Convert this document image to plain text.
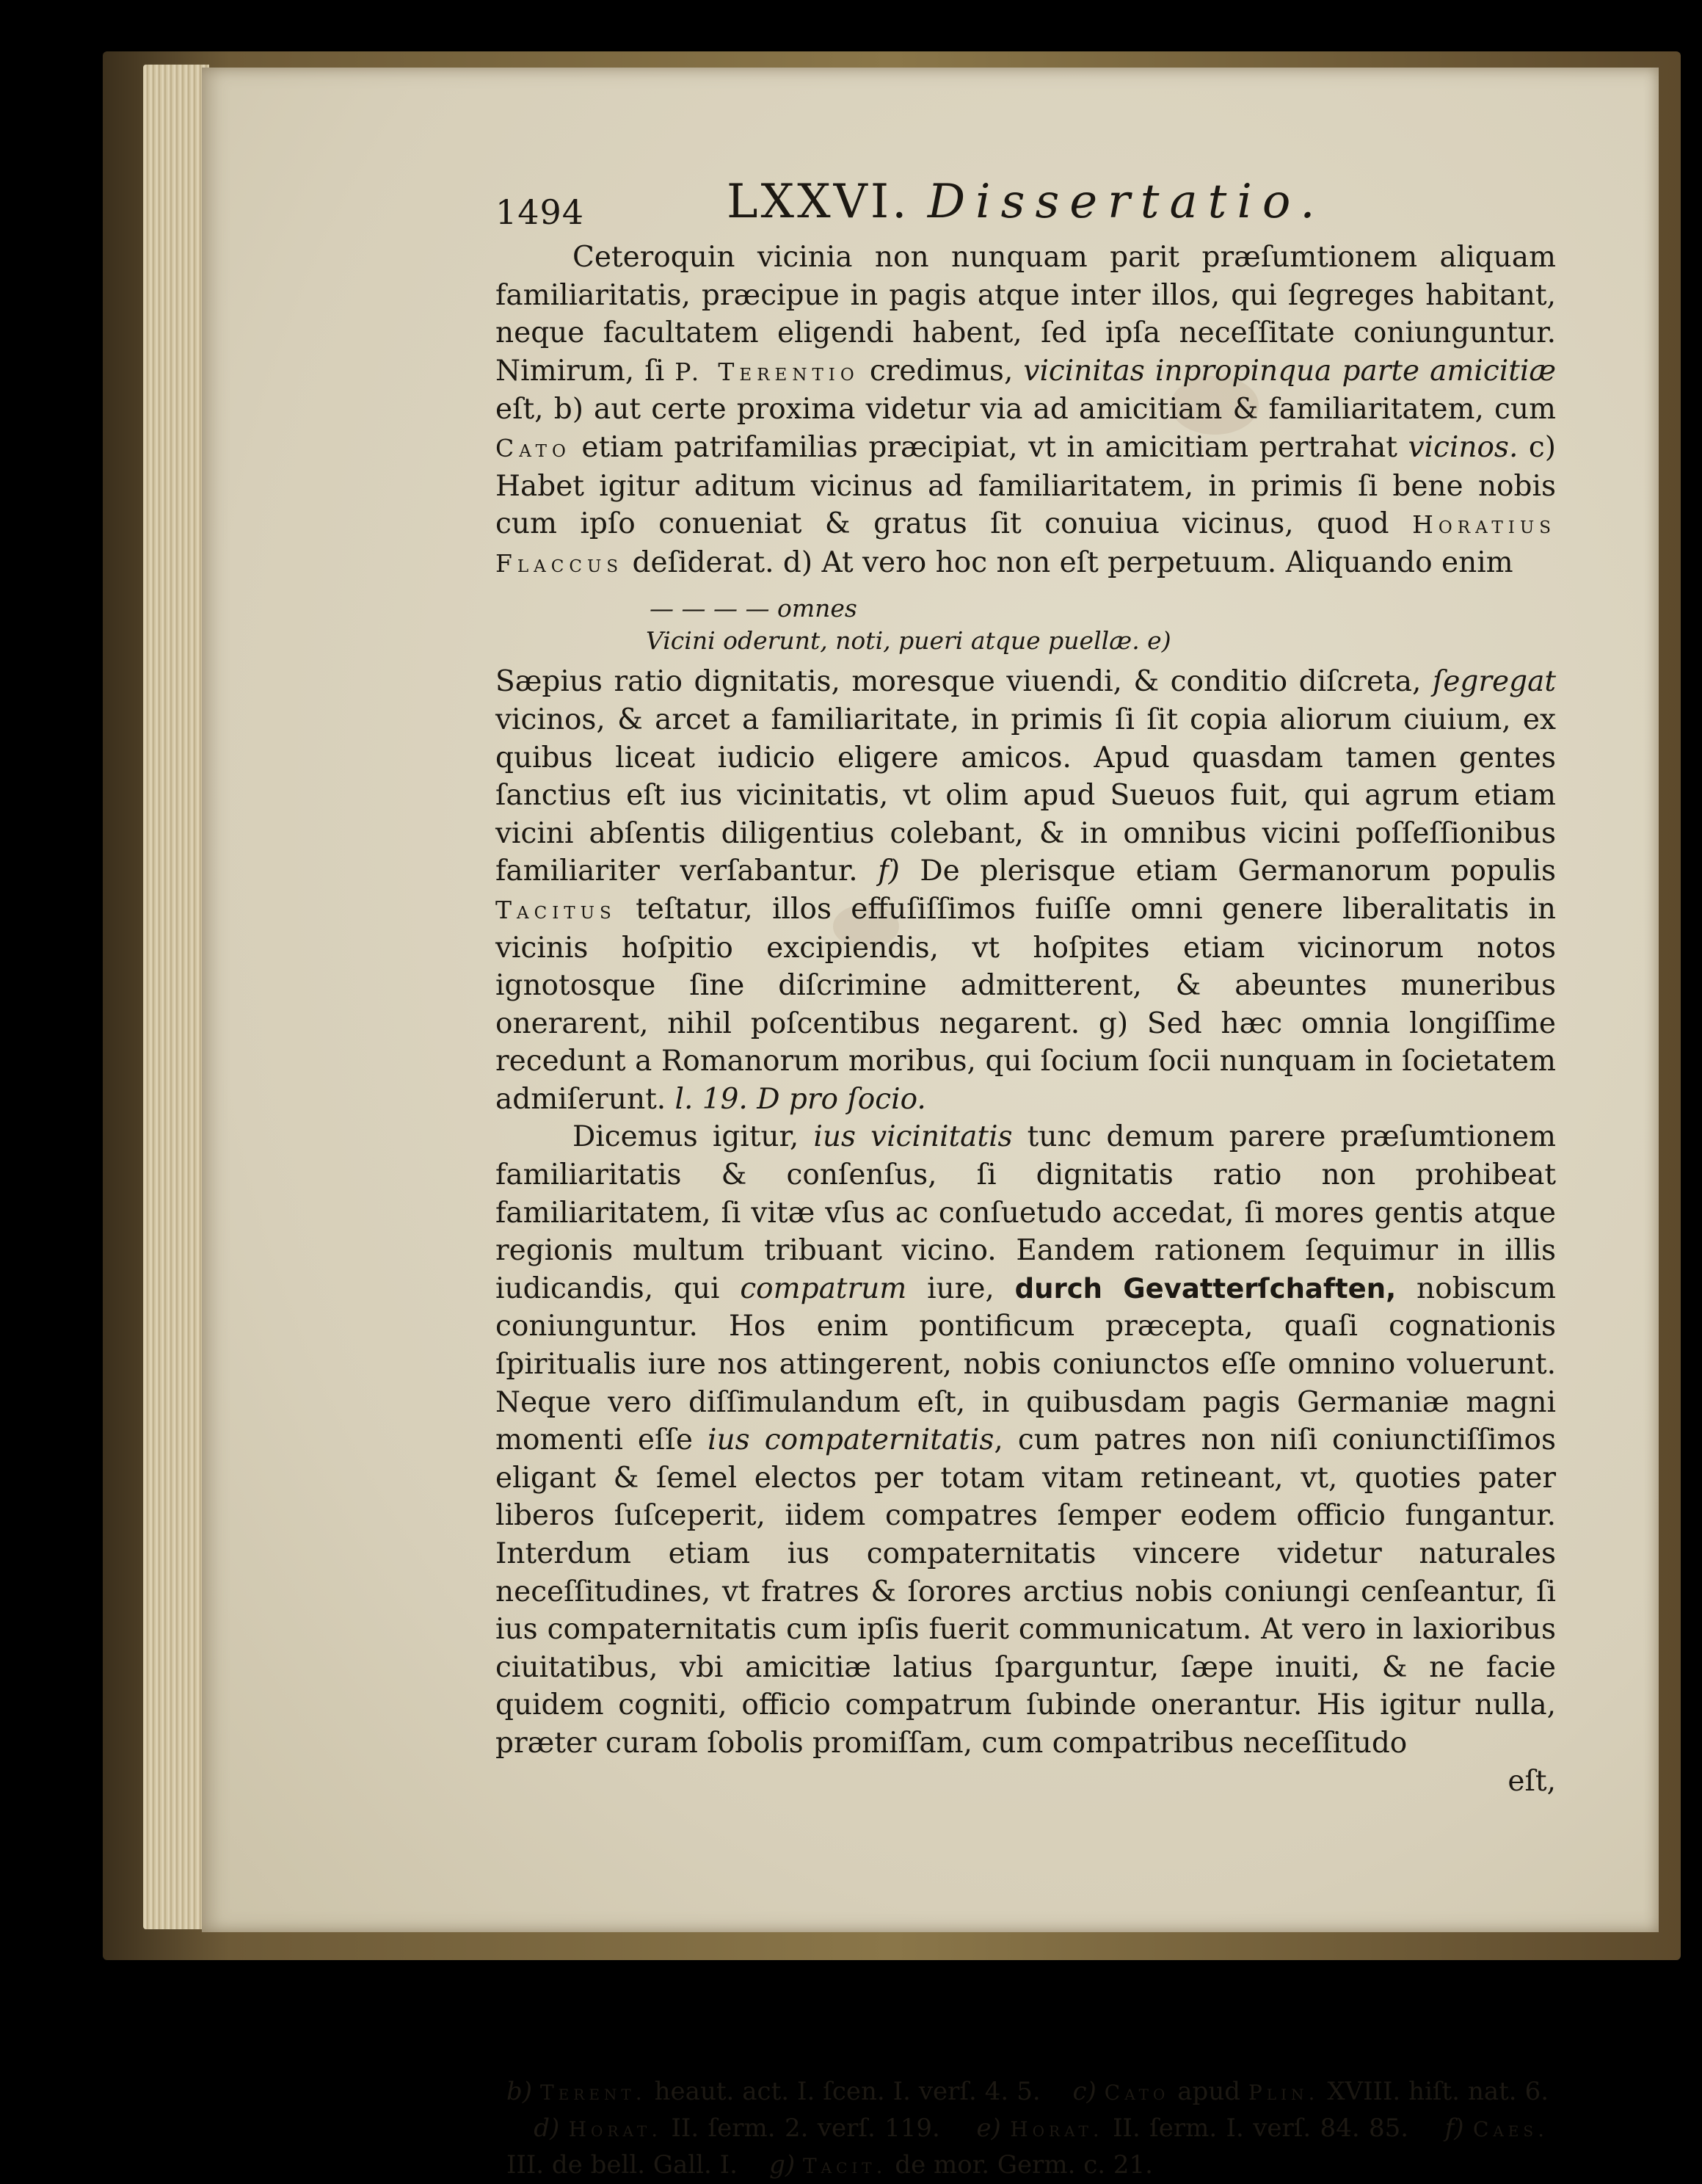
1494	LXXVI. Dissertatio.

Ceteroquin vicinia non nunquam parit præſumtionem aliquam familiaritatis, præcipue in pagis atque inter illos, qui ſegreges habitant, neque facultatem eligendi habent, ſed ipſa neceſſitate coniunguntur. Nimirum, ſi P. Terentio credimus, vicinitas inpropinqua parte amicitiæ eſt, b) aut certe proxima videtur via ad amicitiam & familiaritatem, cum Cato etiam patrifamilias præcipiat, vt in amicitiam pertrahat vicinos. c) Habet igitur aditum vicinus ad familiaritatem, in primis ſi bene nobis cum ipſo conueniat & gratus ſit conuiua vicinus, quod Horatius Flaccus deſiderat. d) At vero hoc non eſt perpetuum. Aliquando enim

— — — — omnes
Vicini oderunt, noti, pueri atque puellæ. e)

Sæpius ratio dignitatis, moresque viuendi, & conditio diſcreta, ſegregat vicinos, & arcet a familiaritate, in primis ſi ſit copia aliorum ciuium, ex quibus liceat iudicio eligere amicos. Apud quasdam tamen gentes ſanctius eſt ius vicinitatis, vt olim apud Sueuos fuit, qui agrum etiam vicini abſentis diligentius colebant, & in omnibus vicini poſſeſſionibus familiariter verſabantur. f) De plerisque etiam Germanorum populis Tacitus teſtatur, illos effuſiſſimos fuiſſe omni genere liberalitatis in vicinis hoſpitio excipiendis, vt hoſpites etiam vicinorum notos ignotosque ſine diſcrimine admitterent, & abeuntes muneribus onerarent, nihil poſcentibus negarent. g) Sed hæc omnia longiſſime recedunt a Romanorum moribus, qui ſocium ſocii nunquam in ſocietatem admiſerunt. l. 19. D pro ſocio.

Dicemus igitur, ius vicinitatis tunc demum parere præſumtionem familiaritatis & conſenſus, ſi dignitatis ratio non prohibeat familiaritatem, ſi vitæ vſus ac conſuetudo accedat, ſi mores gentis atque regionis multum tribuant vicino. Eandem rationem ſequimur in illis iudicandis, qui compatrum iure, durch Gevatterſchaften, nobiscum coniunguntur. Hos enim pontificum præcepta, quaſi cognationis ſpiritualis iure nos attingerent, nobis coniunctos eſſe omnino voluerunt. Neque vero diſſimulandum eſt, in quibusdam pagis Germaniæ magni momenti eſſe ius compaternitatis, cum patres non niſi coniunctiſſimos eligant & ſemel electos per totam vitam retineant, vt, quoties pater liberos ſuſceperit, iidem compatres ſemper eodem officio fungantur. Interdum etiam ius compaternitatis vincere videtur naturales neceſſitudines, vt fratres & ſorores arctius nobis coniungi cenſeantur, ſi ius compaternitatis cum ipſis fuerit communicatum. At vero in laxioribus ciuitatibus, vbi amicitiæ latius ſparguntur, ſæpe inuiti, & ne facie quidem cogniti, officio compatrum ſubinde onerantur. His igitur nulla, præter curam ſobolis promiſſam, cum compatribus neceſſitudo

eſt,

b) Terent. heaut. act. I. ſcen. I. verſ. 4. 5. c) Cato apud Plin. XVIII. hiſt. nat. 6.    d) Horat. II. ſerm. 2. verſ. 119. e) Horat. II. ſerm. I. verſ. 84. 85. f) Caes. III. de bell. Gall. I. g) Tacit. de mor. Germ. c. 21.
